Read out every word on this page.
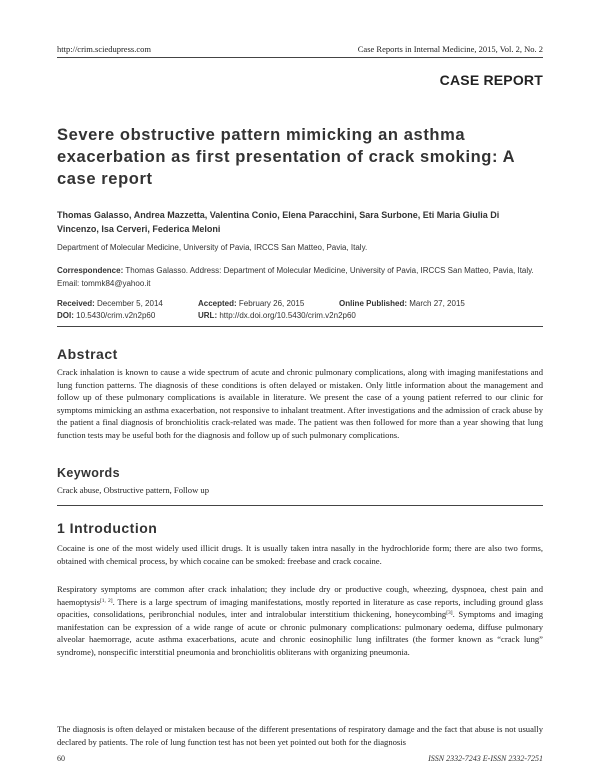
http://crim.sciedupress.com	Case Reports in Internal Medicine, 2015, Vol. 2, No. 2
CASE REPORT
Severe obstructive pattern mimicking an asthma exacerbation as first presentation of crack smoking: A case report
Thomas Galasso, Andrea Mazzetta, Valentina Conio, Elena Paracchini, Sara Surbone, Eti Maria Giulia Di Vincenzo, Isa Cerveri, Federica Meloni
Department of Molecular Medicine, University of Pavia, IRCCS San Matteo, Pavia, Italy.
Correspondence: Thomas Galasso. Address: Department of Molecular Medicine, University of Pavia, IRCCS San Matteo, Pavia, Italy. Email: tommk84@yahoo.it
Received: December 5, 2014	Accepted: February 26, 2015	Online Published: March 27, 2015
DOI: 10.5430/crim.v2n2p60	URL: http://dx.doi.org/10.5430/crim.v2n2p60
Abstract

Crack inhalation is known to cause a wide spectrum of acute and chronic pulmonary complications, along with imaging manifestations and lung function patterns. The diagnosis of these conditions is often delayed or mistaken. Only little information about the management and follow up of these pulmonary complications is available in literature. We present the case of a young patient referred to our clinic for symptoms mimicking an asthma exacerbation, not responsive to inhalant treatment. After investigations and the admission of crack abuse by the patient a final diagnosis of bronchiolitis crack-related was made. The patient was then followed for more than a year showing that lung function tests may be useful both for the diagnosis and follow up of such pulmonary complications.

Keywords
Crack abuse, Obstructive pattern, Follow up
1 Introduction

Cocaine is one of the most widely used illicit drugs. It is usually taken intra nasally in the hydrochloride form; there are also two forms, obtained with chemical process, by which cocaine can be smoked: freebase and crack cocaine.

Respiratory symptoms are common after crack inhalation; they include dry or productive cough, wheezing, dyspnoea, chest pain and haemoptysis[1, 2]. There is a large spectrum of imaging manifestations, mostly reported in literature as case reports, including ground glass opacities, consolidations, peribronchial nodules, inter and intralobular interstitium thickening, honeycombing[3]. Symptoms and imaging manifestation can be expression of a wide range of acute or chronic pulmonary complications: pulmonary oedema, diffuse pulmonary alveolar haemorrage, acute asthma exacerbations, acute and chronic eosinophilic lung infiltrates (the former known as “crack lung” syndrome), nonspecific interstitial pneumonia and bronchiolitis obliterans with organizing pneumonia.

The diagnosis is often delayed or mistaken because of the different presentations of respiratory damage and the fact that abuse is not usually declared by patients. The role of lung function test has not been yet pointed out both for the diagnosis

60	ISSN 2332-7243 E-ISSN 2332-7251
